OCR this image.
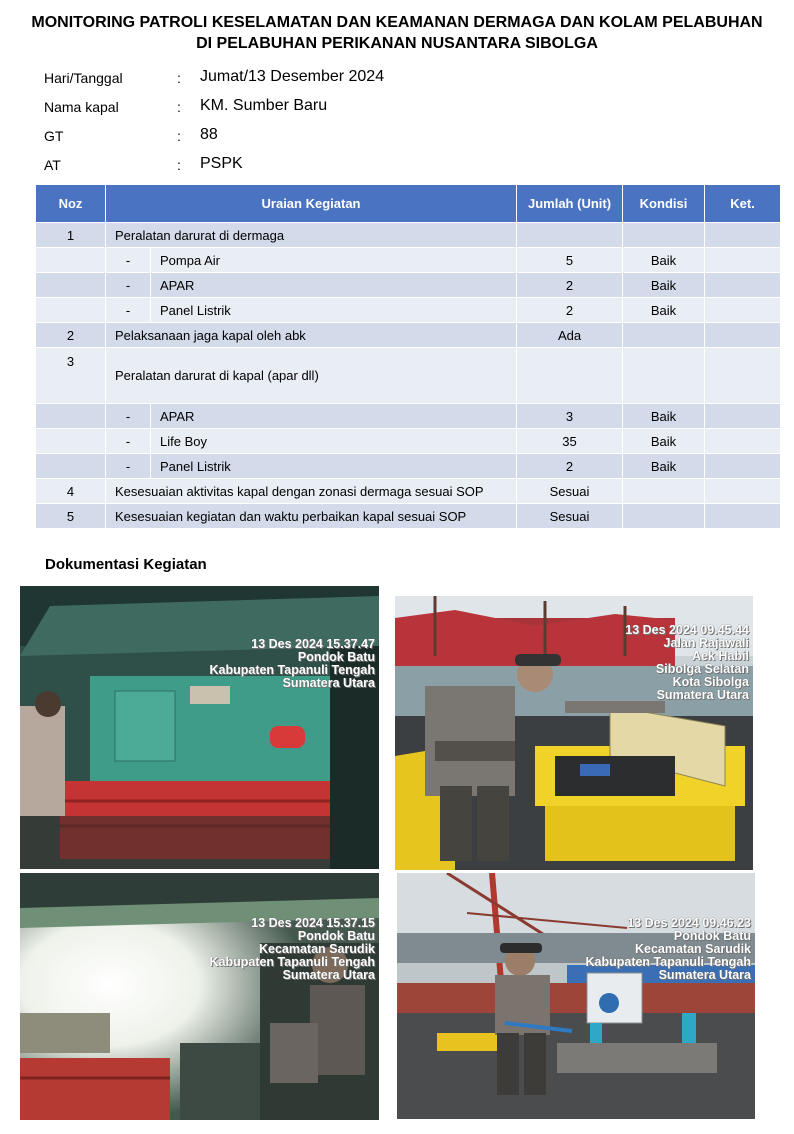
MONITORING PATROLI KESELAMATAN DAN KEAMANAN DERMAGA DAN KOLAM PELABUHAN
DI PELABUHAN PERIKANAN NUSANTARA SIBOLGA
Hari/Tanggal	: Jumat/13 Desember 2024
Nama kapal	: KM. Sumber Baru
GT	: 88
AT	: PSPK
Noz	Uraian Kegiatan		Jumlah (Unit)	Kondisi	Ket.
1	Peralatan darurat di dermaga				
	-	Pompa Air	5	Baik	
	-	APAR	2	Baik	
	-	Panel Listrik	2	Baik	
2	Pelaksanaan jaga kapal oleh abk		Ada		
3	Peralatan darurat di kapal (apar dll)				
	-	APAR	3	Baik	
	-	Life Boy	35	Baik	
	-	Panel Listrik	2	Baik	
4	Kesesuaian aktivitas kapal dengan zonasi dermaga sesuai SOP		Sesuai		
5	Kesesuaian kegiatan dan waktu perbaikan kapal sesuai SOP		Sesuai		
Dokumentasi Kegiatan
13 Des 2024 15.37.47
Pondok Batu
Kabupaten Tapanuli Tengah
Sumatera Utara
13 Des 2024 09.45.44
Jalan Rajawali
Aek Habil
Sibolga Selatan
Kota Sibolga
Sumatera Utara
13 Des 2024 15.37.15
Pondok Batu
Kecamatan Sarudik
Kabupaten Tapanuli Tengah
Sumatera Utara
13 Des 2024 09.46.23
Pondok Batu
Kecamatan Sarudik
Kabupaten Tapanuli Tengah
Sumatera Utara
